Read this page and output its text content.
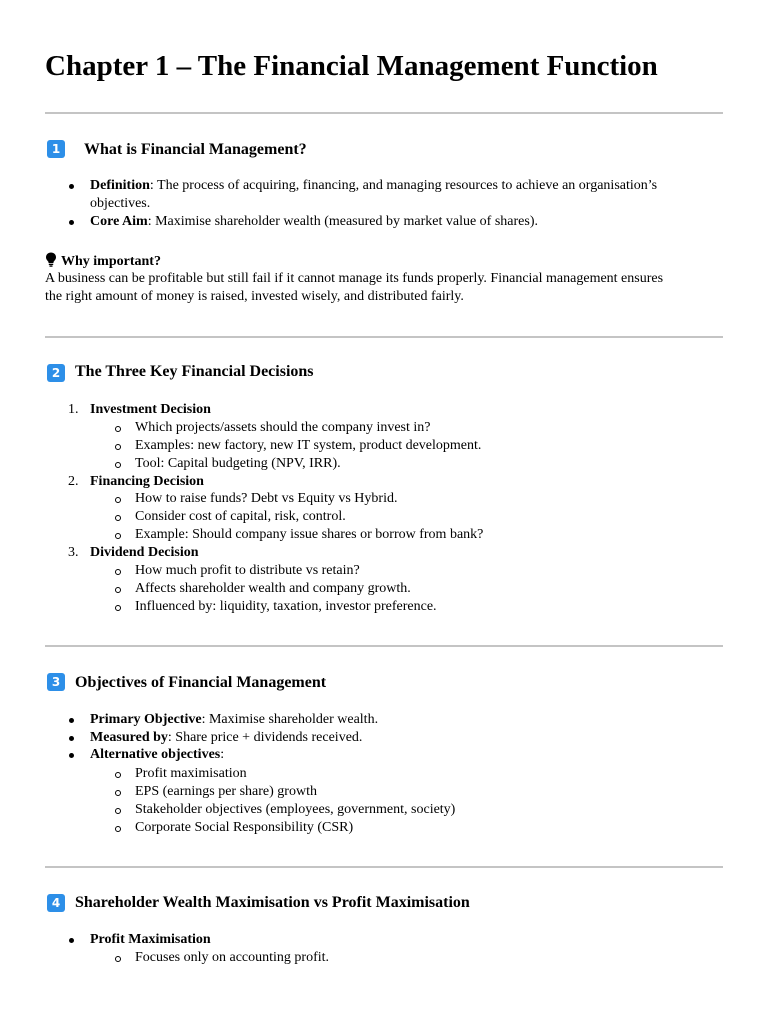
Chapter 1 – The Financial Management Function
1	What is Financial Management?
Definition: The process of acquiring, financing, and managing resources to achieve an organisation’s
objectives.
Core Aim: Maximise shareholder wealth (measured by market value of shares).
Why important?
A business can be profitable but still fail if it cannot manage its funds properly. Financial management ensures
the right amount of money is raised, invested wisely, and distributed fairly.
2 The Three Key Financial Decisions
1. Investment Decision
Which projects/assets should the company invest in?
Examples: new factory, new IT system, product development.
Tool: Capital budgeting (NPV, IRR).
2. Financing Decision
How to raise funds? Debt vs Equity vs Hybrid.
Consider cost of capital, risk, control.
Example: Should company issue shares or borrow from bank?
3. Dividend Decision
How much profit to distribute vs retain?
Affects shareholder wealth and company growth.
Influenced by: liquidity, taxation, investor preference.
3 Objectives of Financial Management
Primary Objective: Maximise shareholder wealth.
Measured by: Share price + dividends received.
Alternative objectives:
Profit maximisation
EPS (earnings per share) growth
Stakeholder objectives (employees, government, society)
Corporate Social Responsibility (CSR)
4 Shareholder Wealth Maximisation vs Profit Maximisation
Profit Maximisation
Focuses only on accounting profit.
